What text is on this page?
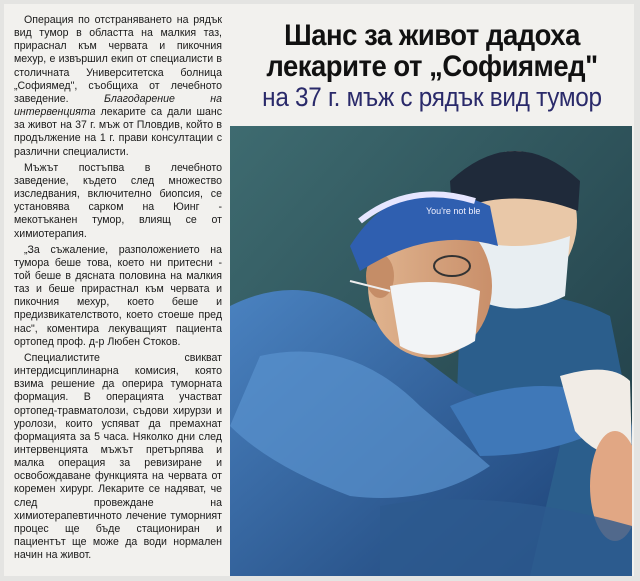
Операция по отстраняването на рядък вид тумор в областта на малкия таз, прираснал към червата и пикочния мехур, е извършил екип от специалисти в столичната Университетска болница „Софиямед", съобщиха от лечебното заведение. Благодарение на интервенцията лекарите са дали шанс за живот на 37 г. мъж от Пловдив, който в продължение на 1 г. прави консултации с различни специалисти.

Мъжът постъпва в лечебното заведение, където след множество изследвания, включително биопсия, се установява сарком на Юинг - мекотъканен тумор, влиящ се от химиотерапия.

„За съжаление, разположението на тумора беше това, което ни притесни - той беше в дясната половина на малкия таз и беше прирастнал към червата и пикочния мехур, което беше и предизвикателството, което стоеше пред нас", коментира лекуващият пациента ортопед проф. д-р Любен Стоков.

Специалистите свикват интердисциплинарна комисия, която взима решение да оперира туморната формация. В операцията участват ортопед-травматолози, съдови хирурзи и уролози, които успяват да премахнат формацията за 5 часа. Няколко дни след интервенцията мъжът претърпява и малка операция за ревизиране и освобождаване функцията на червата от коремен хирург. Лекарите се надяват, че след провеждане на химиотерапевтичното лечение туморният процес ще бъде стациониран и пациентът ще може да води нормален начин на живот.

Шанс за живот дадоха
лекарите от „Софиямед"
на 37 г. мъж с рядък вид тумор
You're not ble
